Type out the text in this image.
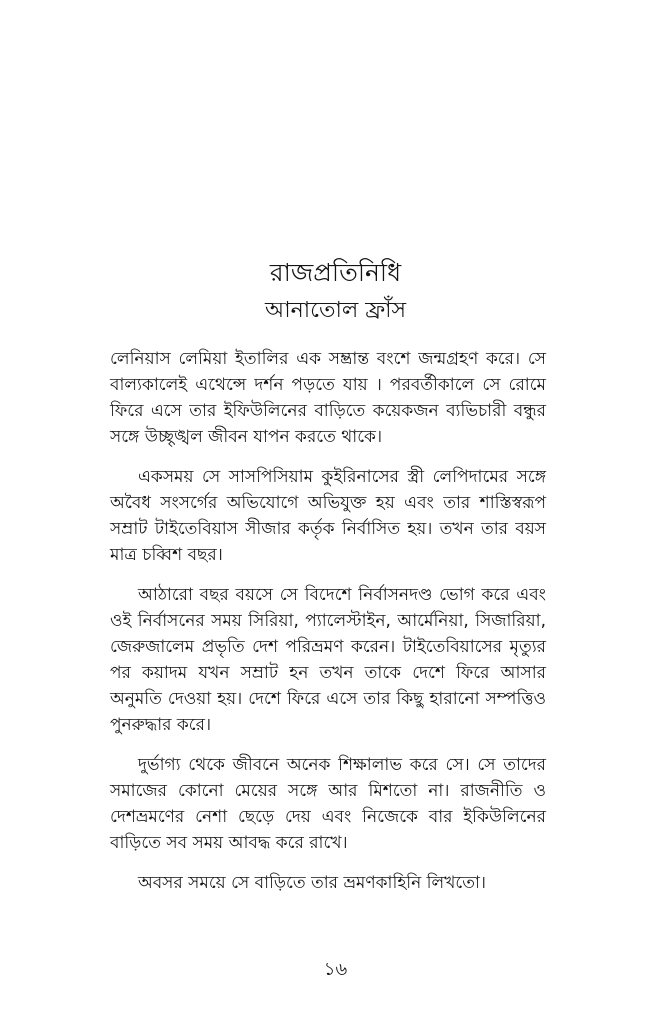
রাজপ্রতিনিধি
আনাতোল ফ্রাঁস

লেনিয়াস লেমিয়া ইতালির এক সম্ভ্রান্ত বংশে জন্মগ্রহণ করে। সে বাল্যকালেই এথেন্সে দর্শন পড়তে যায় । পরবর্তীকালে সে রোমে ফিরে এসে তার ইফিউলিনের বাড়িতে কয়েকজন ব্যভিচারী বন্ধুর সঙ্গে উচ্ছৃঙ্খল জীবন যাপন করতে থাকে।

একসময় সে সাসপিসিয়াম কুইরিনাসের স্ত্রী লেপিদামের সঙ্গে অবৈধ সংসর্গের অভিযোগে অভিযুক্ত হয় এবং তার শাস্তিস্বরূপ সম্রাট টাইতেবিয়াস সীজার কর্তৃক নির্বাসিত হয়। তখন তার বয়স মাত্র চব্বিশ বছর।

আঠারো বছর বয়সে সে বিদেশে নির্বাসনদণ্ড ভোগ করে এবং ওই নির্বাসনের সময় সিরিয়া, প্যালেস্টাইন, আর্মেনিয়া, সিজারিয়া, জেরুজালেম প্রভৃতি দেশ পরিভ্রমণ করেন। টাইতেবিয়াসের মৃত্যুর পর কয়াদম যখন সম্রাট হন তখন তাকে দেশে ফিরে আসার অনুমতি দেওয়া হয়। দেশে ফিরে এসে তার কিছু হারানো সম্পত্তিও পুনরুদ্ধার করে।

দুর্ভাগ্য থেকে জীবনে অনেক শিক্ষালাভ করে সে। সে তাদের সমাজের কোনো মেয়ের সঙ্গে আর মিশতো না। রাজনীতি ও দেশভ্রমণের নেশা ছেড়ে দেয় এবং নিজেকে বার ইকিউলিনের বাড়িতে সব সময় আবদ্ধ করে রাখে।

অবসর সময়ে সে বাড়িতে তার ভ্রমণকাহিনি লিখতো।

১৬
